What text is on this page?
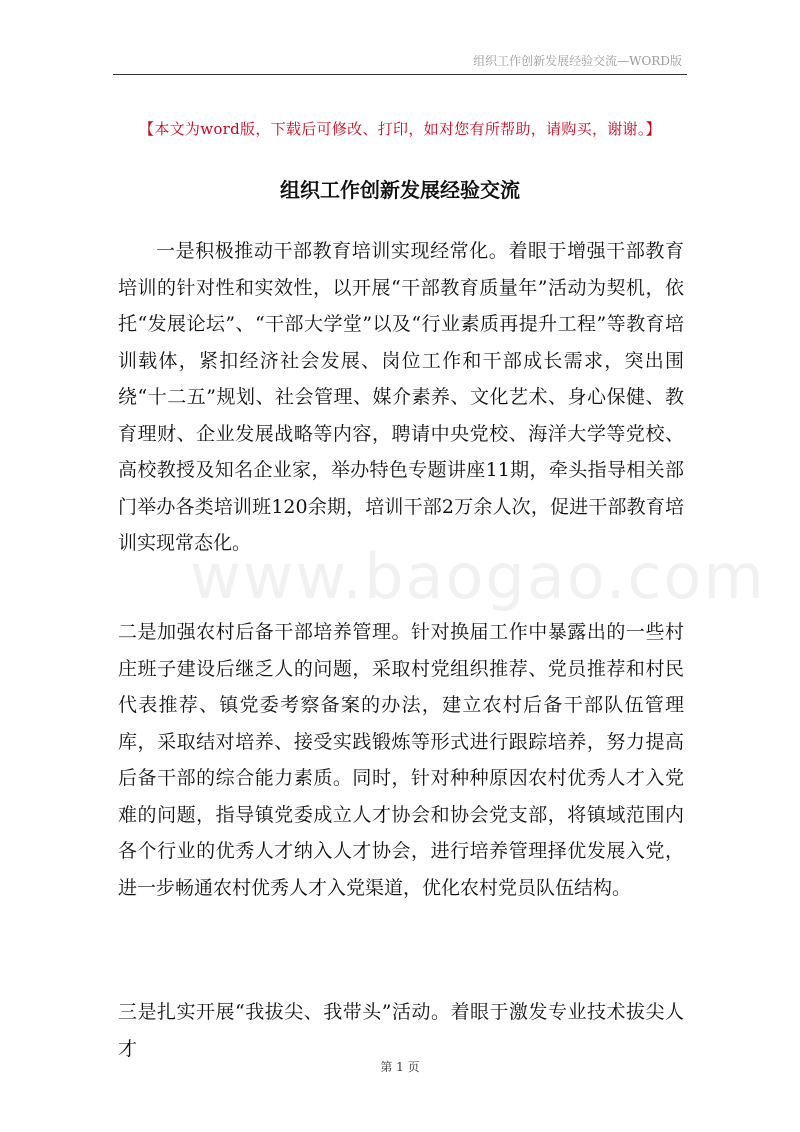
组织工作创新发展经验交流—WORD版
【本文为word版，下载后可修改、打印，如对您有所帮助，请购买，谢谢。】
组织工作创新发展经验交流
www.baogao.com

一是积极推动干部教育培训实现经常化。着眼于增强干部教育培训的针对性和实效性，以开展“干部教育质量年”活动为契机，依托“发展论坛”、“干部大学堂”以及“行业素质再提升工程”等教育培训载体，紧扣经济社会发展、岗位工作和干部成长需求，突出围绕“十二五”规划、社会管理、媒介素养、文化艺术、身心保健、教育理财、企业发展战略等内容，聘请中央党校、海洋大学等党校、高校教授及知名企业家，举办特色专题讲座11期，牵头指导相关部门举办各类培训班120余期，培训干部2万余人次，促进干部教育培训实现常态化。

二是加强农村后备干部培养管理。针对换届工作中暴露出的一些村庄班子建设后继乏人的问题，采取村党组织推荐、党员推荐和村民代表推荐、镇党委考察备案的办法，建立农村后备干部队伍管理库，采取结对培养、接受实践锻炼等形式进行跟踪培养，努力提高后备干部的综合能力素质。同时，针对种种原因农村优秀人才入党难的问题，指导镇党委成立人才协会和协会党支部，将镇域范围内各个行业的优秀人才纳入人才协会，进行培养管理择优发展入党，进一步畅通农村优秀人才入党渠道，优化农村党员队伍结构。

三是扎实开展“我拔尖、我带头”活动。着眼于激发专业技术拔尖人才

第 1 页
